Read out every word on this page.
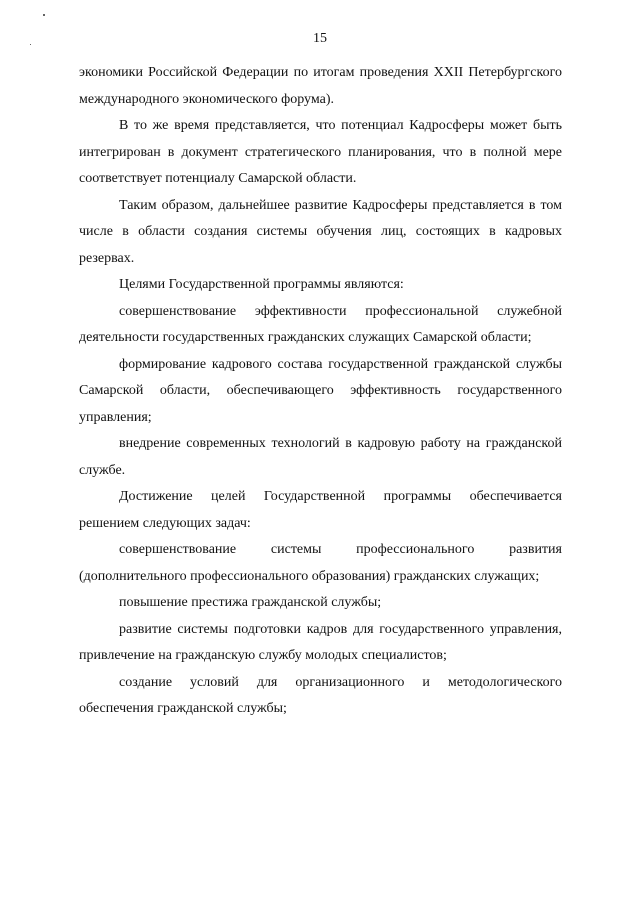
15

экономики Российской Федерации по итогам проведения XXII Петербургского международного экономического форума).

В то же время представляется, что потенциал Кадросферы может быть интегрирован в документ стратегического планирования, что в полной мере соответствует потенциалу Самарской области.

Таким образом, дальнейшее развитие Кадросферы представляется в том числе в области создания системы обучения лиц, состоящих в кадровых резервах.

Целями Государственной программы являются:

совершенствование эффективности профессиональной служебной деятельности государственных гражданских служащих Самарской области;

формирование кадрового состава государственной гражданской службы Самарской области, обеспечивающего эффективность государственного управления;

внедрение современных технологий в кадровую работу на гражданской службе.

Достижение целей Государственной программы обеспечивается решением следующих задач:

совершенствование системы профессионального развития (дополнительного профессионального образования) гражданских служащих;

повышение престижа гражданской службы;

развитие системы подготовки кадров для государственного управления, привлечение на гражданскую службу молодых специалистов;

создание условий для организационного и методологического обеспечения гражданской службы;
